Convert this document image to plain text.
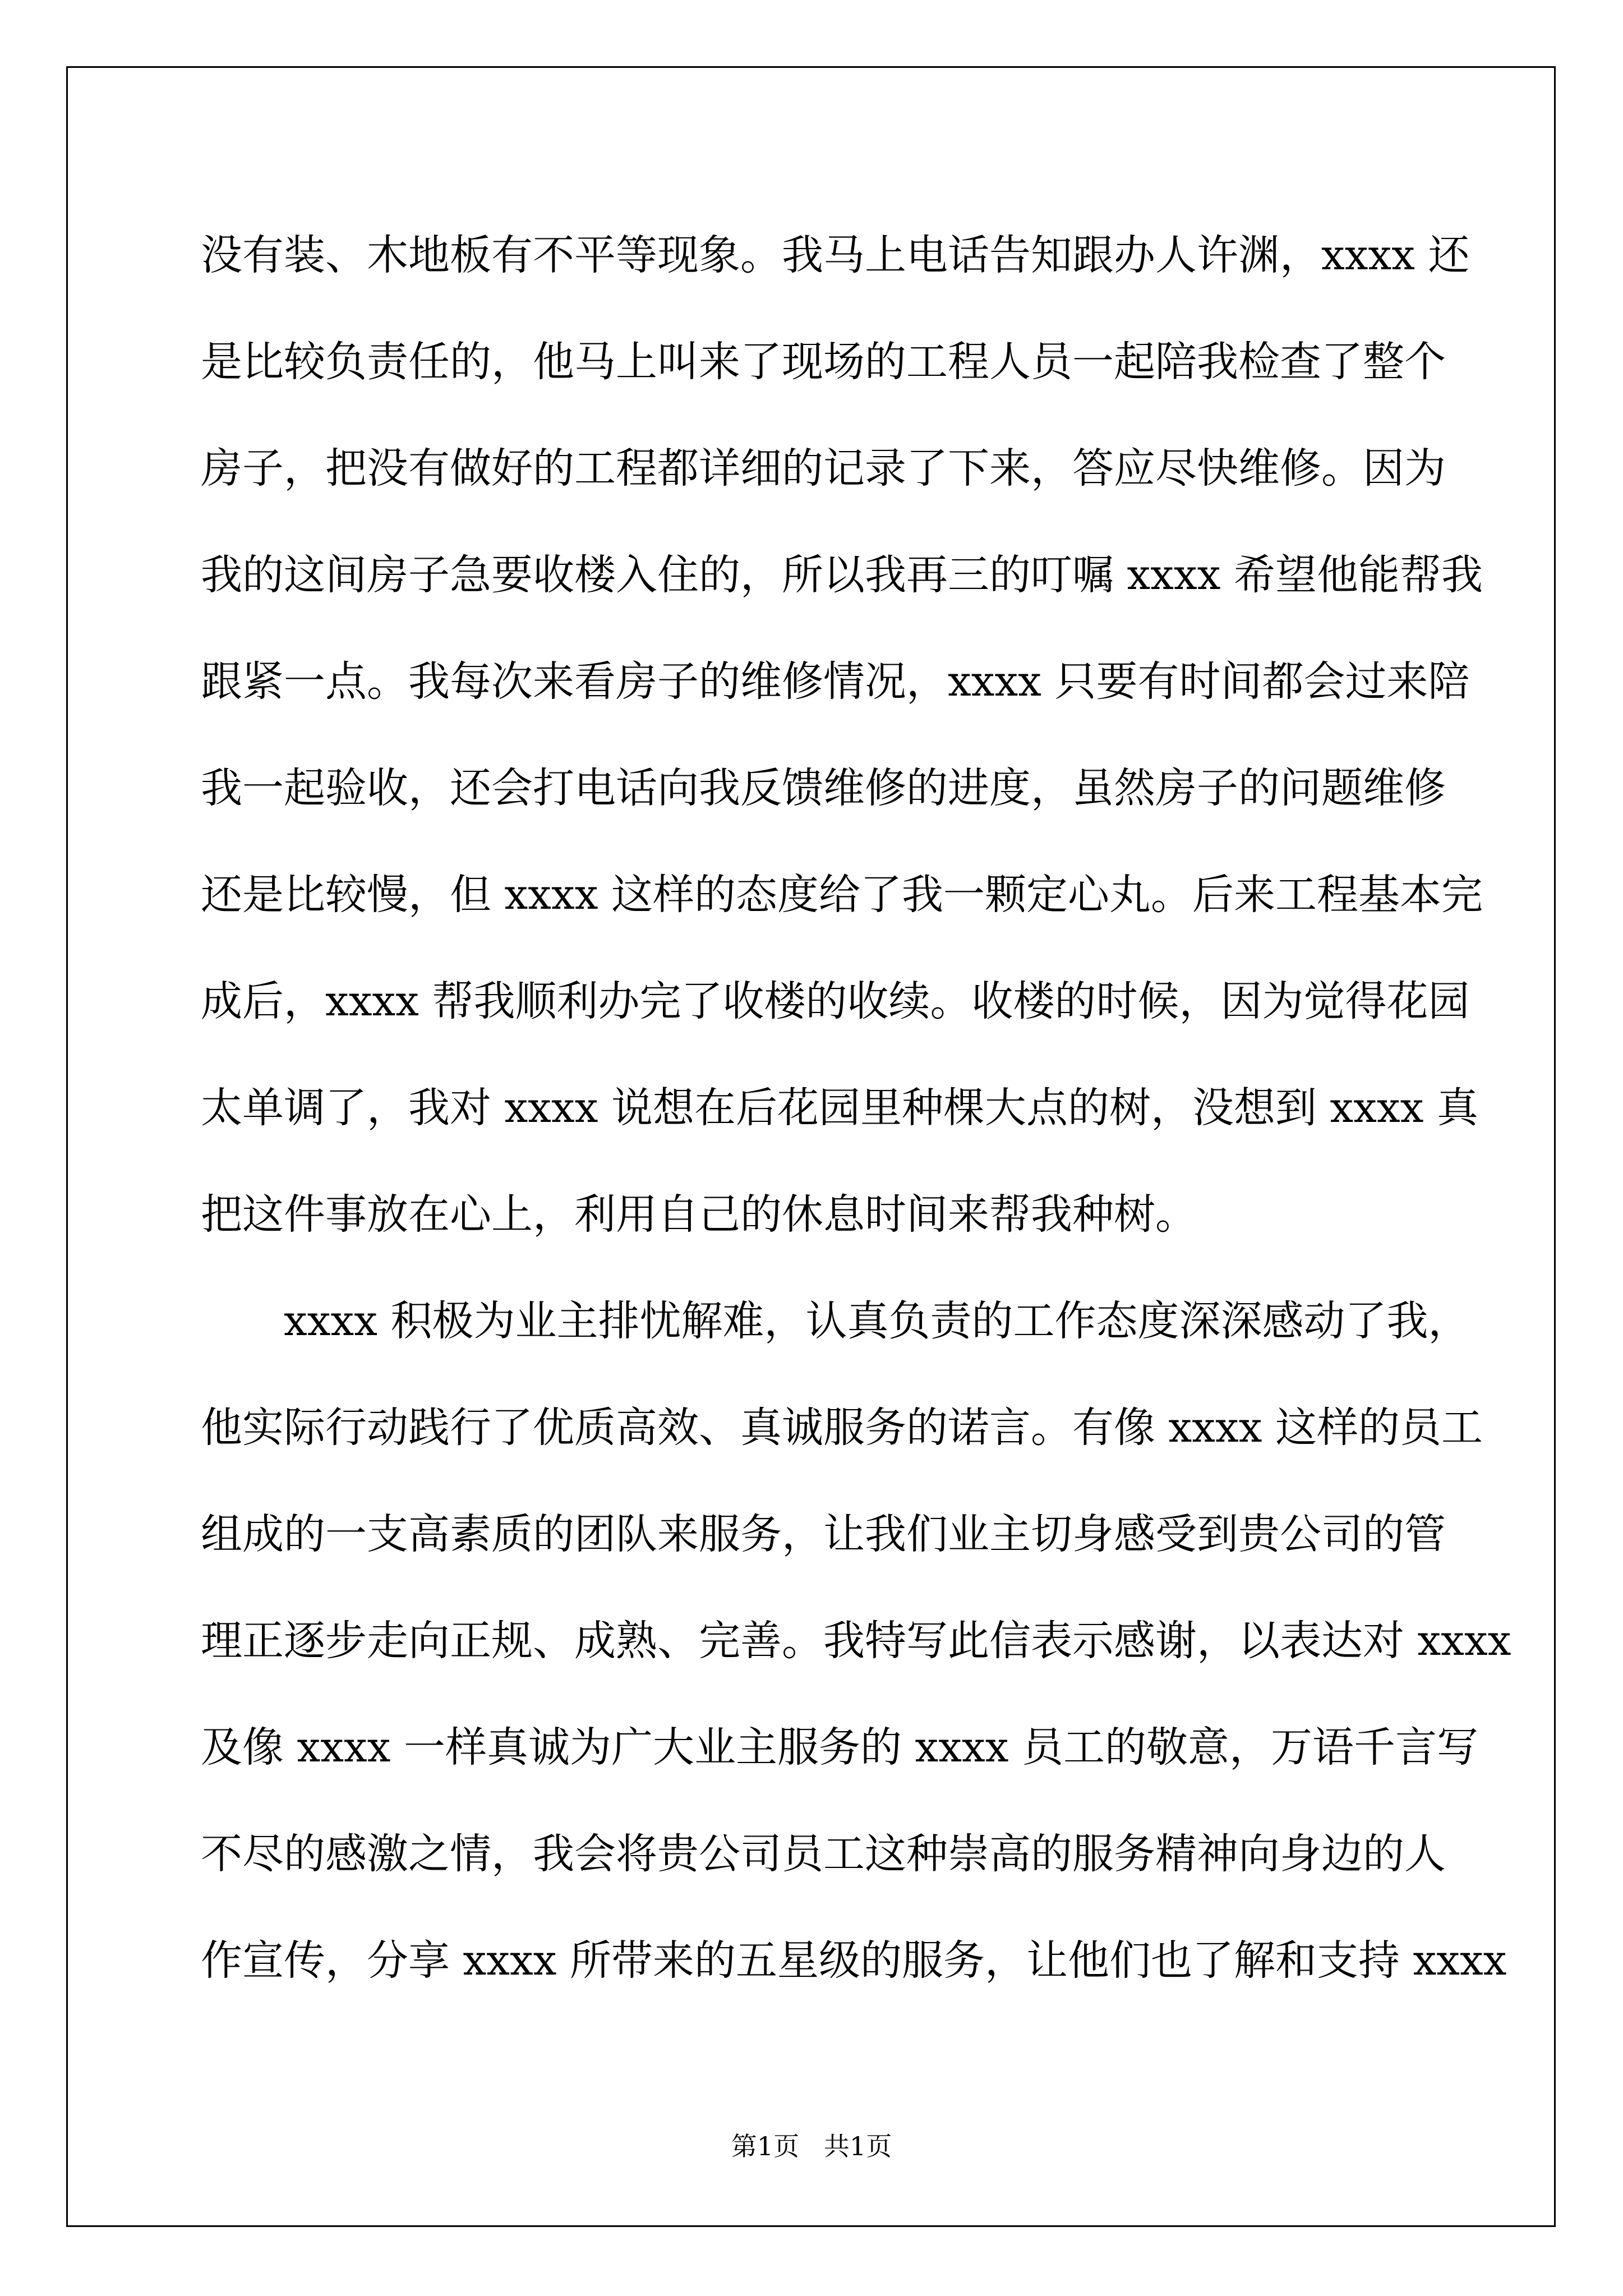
没有装、木地板有不平等现象。我马上电话告知跟办人许渊，xxxx 还
是比较负责任的，他马上叫来了现场的工程人员一起陪我检查了整个
房子，把没有做好的工程都详细的记录了下来，答应尽快维修。因为
我的这间房子急要收楼入住的，所以我再三的叮嘱 xxxx 希望他能帮我
跟紧一点。我每次来看房子的维修情况，xxxx 只要有时间都会过来陪
我一起验收，还会打电话向我反馈维修的进度，虽然房子的问题维修
还是比较慢，但 xxxx 这样的态度给了我一颗定心丸。后来工程基本完
成后，xxxx 帮我顺利办完了收楼的收续。收楼的时候，因为觉得花园
太单调了，我对 xxxx 说想在后花园里种棵大点的树，没想到 xxxx 真
把这件事放在心上，利用自己的休息时间来帮我种树。
xxxx 积极为业主排忧解难，认真负责的工作态度深深感动了我，
他实际行动践行了优质高效、真诚服务的诺言。有像 xxxx 这样的员工
组成的一支高素质的团队来服务，让我们业主切身感受到贵公司的管
理正逐步走向正规、成熟、完善。我特写此信表示感谢，以表达对 xxxx
及像 xxxx 一样真诚为广大业主服务的 xxxx 员工的敬意，万语千言写
不尽的感激之情，我会将贵公司员工这种崇高的服务精神向身边的人
作宣传，分享 xxxx 所带来的五星级的服务，让他们也了解和支持 xxxx
第1页   共1页
